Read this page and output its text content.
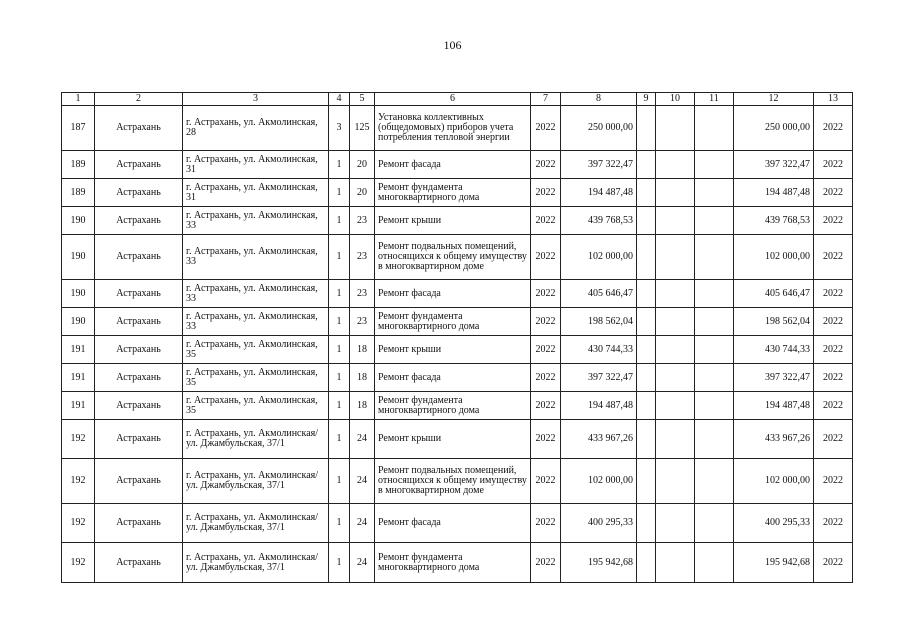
106
1	2	3	4	5	6	7	8	9	10	11	12	13
187	Астрахань	г. Астрахань, ул. Акмолинская, 28	3	125	Установка коллективных (общедомовых) приборов учета потребления тепловой энергии	2022	250 000,00				250 000,00	2022
189	Астрахань	г. Астрахань, ул. Акмолинская, 31	1	20	Ремонт фасада	2022	397 322,47				397 322,47	2022
189	Астрахань	г. Астрахань, ул. Акмолинская, 31	1	20	Ремонт фундамента многоквартирного дома	2022	194 487,48				194 487,48	2022
190	Астрахань	г. Астрахань, ул. Акмолинская, 33	1	23	Ремонт крыши	2022	439 768,53				439 768,53	2022
190	Астрахань	г. Астрахань, ул. Акмолинская, 33	1	23	Ремонт подвальных помещений, относящихся к общему имуществу в многоквартирном доме	2022	102 000,00				102 000,00	2022
190	Астрахань	г. Астрахань, ул. Акмолинская, 33	1	23	Ремонт фасада	2022	405 646,47				405 646,47	2022
190	Астрахань	г. Астрахань, ул. Акмолинская, 33	1	23	Ремонт фундамента многоквартирного дома	2022	198 562,04				198 562,04	2022
191	Астрахань	г. Астрахань, ул. Акмолинская, 35	1	18	Ремонт крыши	2022	430 744,33				430 744,33	2022
191	Астрахань	г. Астрахань, ул. Акмолинская, 35	1	18	Ремонт фасада	2022	397 322,47				397 322,47	2022
191	Астрахань	г. Астрахань, ул. Акмолинская, 35	1	18	Ремонт фундамента многоквартирного дома	2022	194 487,48				194 487,48	2022
192	Астрахань	г. Астрахань, ул. Акмолинская/ ул. Джамбульская, 37/1	1	24	Ремонт крыши	2022	433 967,26				433 967,26	2022
192	Астрахань	г. Астрахань, ул. Акмолинская/ ул. Джамбульская, 37/1	1	24	Ремонт подвальных помещений, относящихся к общему имуществу в многоквартирном доме	2022	102 000,00				102 000,00	2022
192	Астрахань	г. Астрахань, ул. Акмолинская/ ул. Джамбульская, 37/1	1	24	Ремонт фасада	2022	400 295,33				400 295,33	2022
192	Астрахань	г. Астрахань, ул. Акмолинская/ ул. Джамбульская, 37/1	1	24	Ремонт фундамента многоквартирного дома	2022	195 942,68				195 942,68	2022
